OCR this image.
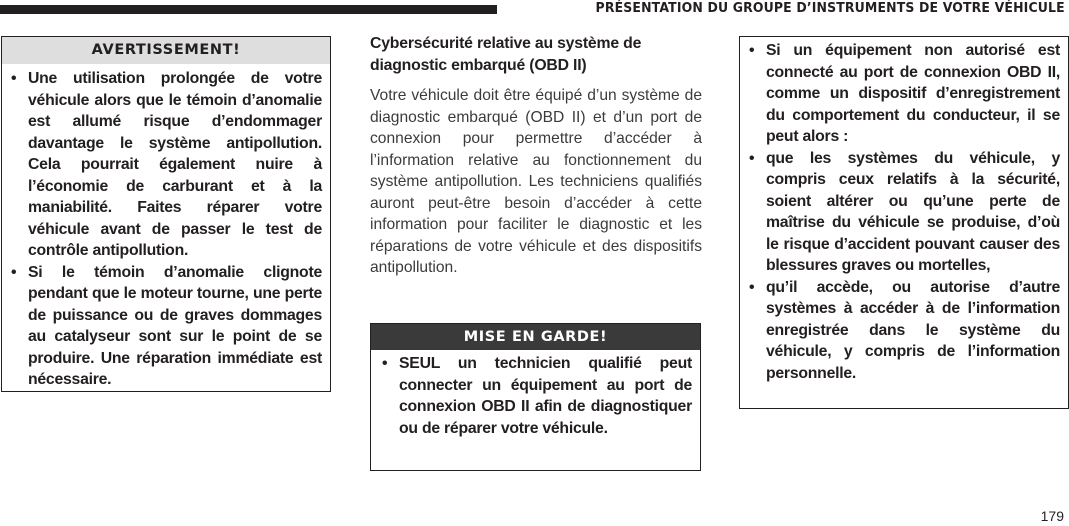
PRÉSENTATION DU GROUPE D’INSTRUMENTS DE VOTRE VÉHICULE
AVERTISSEMENT!
• Une utilisation prolongée de votre véhicule alors que le témoin d’anomalie est allumé risque d’endommager davantage le système antipollution. Cela pourrait également nuire à l’économie de carburant et à la maniabilité. Faites réparer votre véhicule avant de passer le test de contrôle antipollution.
• Si le témoin d’anomalie clignote pendant que le moteur tourne, une perte de puissance ou de graves dommages au catalyseur sont sur le point de se produire. Une réparation immédiate est nécessaire.
Cybersécurité relative au système de diagnostic embarqué (OBD II)

Votre véhicule doit être équipé d’un système de diagnostic embarqué (OBD II) et d’un port de connexion pour permettre d’accéder à l’information relative au fonctionnement du système antipollution. Les techniciens qualifiés auront peut-être besoin d’accéder à cette information pour faciliter le diagnostic et les réparations de votre véhicule et des dispositifs antipollution.

MISE EN GARDE!
• SEUL un technicien qualifié peut connecter un équipement au port de connexion OBD II afin de diagnostiquer ou de réparer votre véhicule.
• Si un équipement non autorisé est connecté au port de connexion OBD II, comme un dispositif d’enregistrement du comportement du conducteur, il se peut alors :
• que les systèmes du véhicule, y compris ceux relatifs à la sécurité, soient altérer ou qu’une perte de maîtrise du véhicule se produise, d’où le risque d’accident pouvant causer des blessures graves ou mortelles,
• qu’il accède, ou autorise d’autre systèmes à accéder à de l’information enregistrée dans le système du véhicule, y compris de l’information personnelle.
179
